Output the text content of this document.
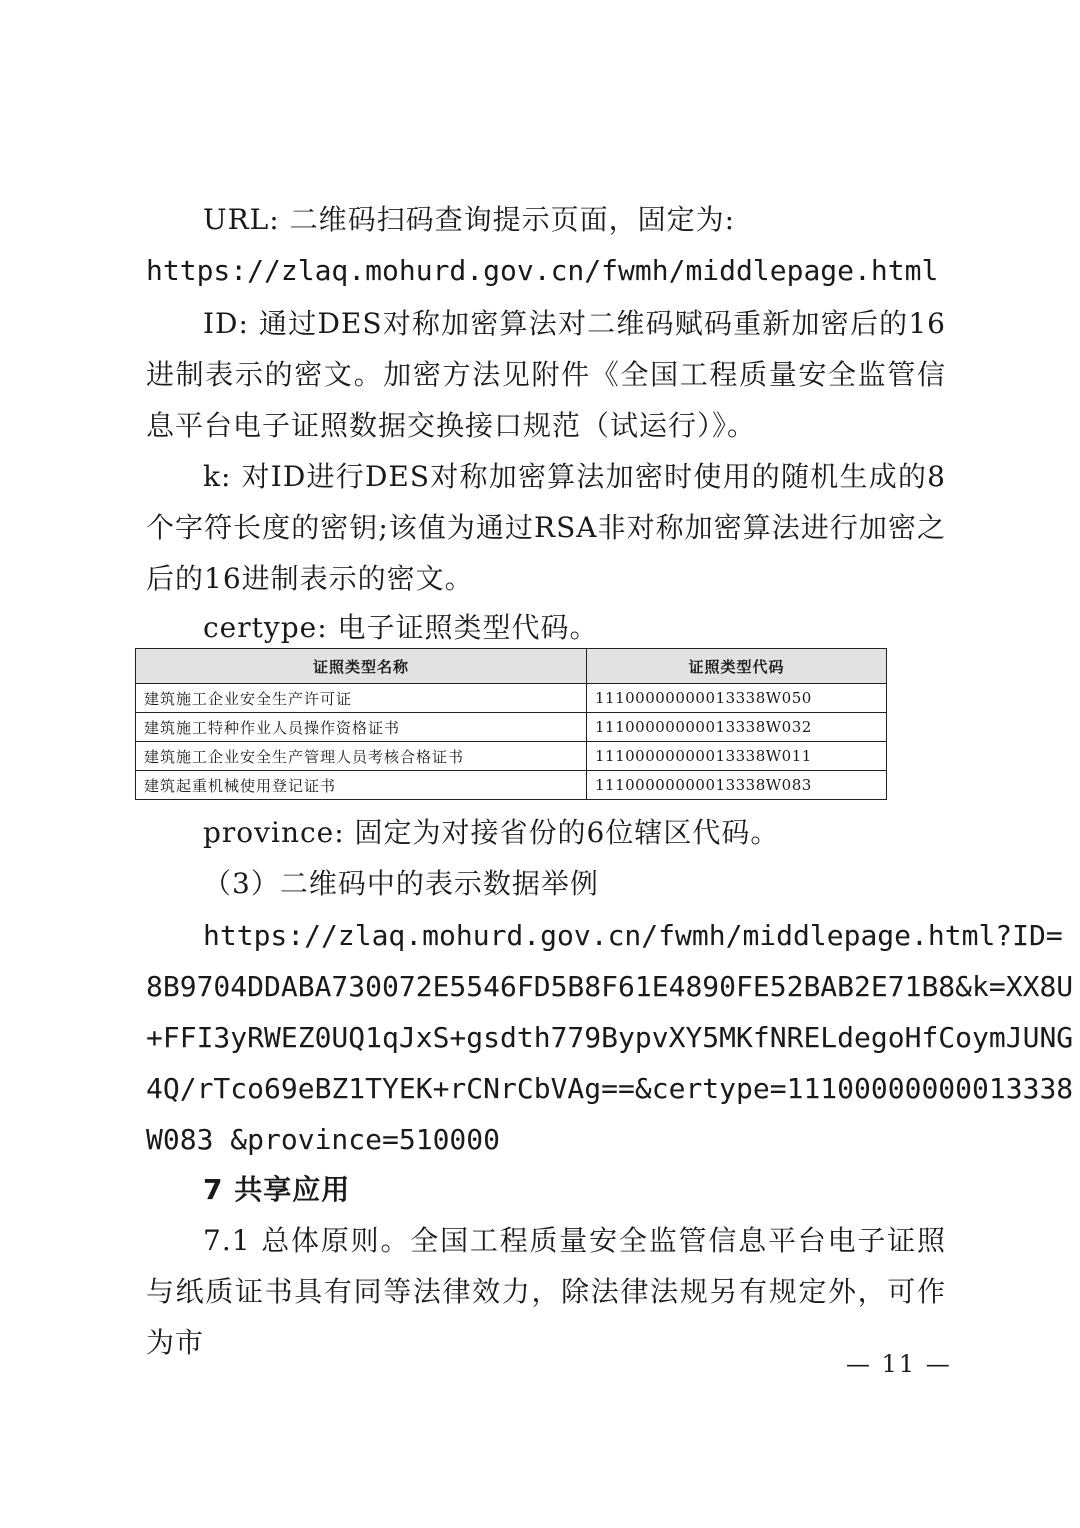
URL: 二维码扫码查询提示页面，固定为:
https://zlaq.mohurd.gov.cn/fwmh/middlepage.html
ID: 通过DES对称加密算法对二维码赋码重新加密后的16进制表示的密文。加密方法见附件《全国工程质量安全监管信息平台电子证照数据交换接口规范（试运行）》。
k: 对ID进行DES对称加密算法加密时使用的随机生成的8个字符长度的密钥;该值为通过RSA非对称加密算法进行加密之后的16进制表示的密文。
certype: 电子证照类型代码。
证照类型名称	证照类型代码
建筑施工企业安全生产许可证	11100000000013338W050
建筑施工特种作业人员操作资格证书	11100000000013338W032
建筑施工企业安全生产管理人员考核合格证书	11100000000013338W011
建筑起重机械使用登记证书	11100000000013338W083
province: 固定为对接省份的6位辖区代码。
（3）二维码中的表示数据举例
https://zlaq.mohurd.gov.cn/fwmh/middlepage.html?ID=
8B9704DDABA730072E5546FD5B8F61E4890FE52BAB2E71B8&k=XX8U
+FFI3yRWEZ0UQ1qJxS+gsdth779BypvXY5MKfNRELdegoHfCoymJUNG
4Q/rTco69eBZ1TYEK+rCNrCbVAg==&certype=11100000000013338
W083 &province=510000
7 共享应用
7.1 总体原则。全国工程质量安全监管信息平台电子证照与纸质证书具有同等法律效力，除法律法规另有规定外，可作为市
— 11 —
